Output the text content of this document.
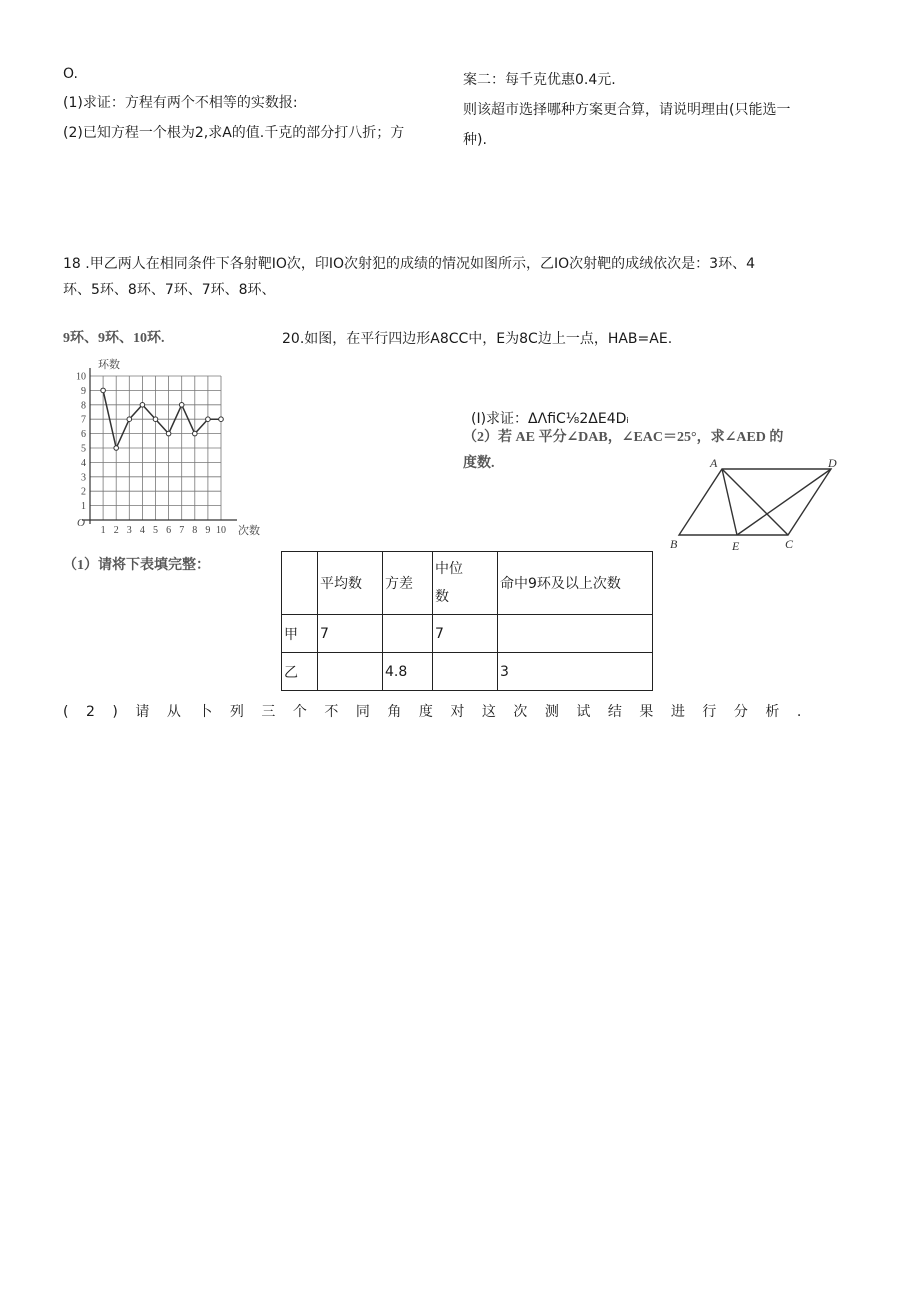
O.
(1)求证：方程有两个不相等的实数报:
(2)已知方程一个根为2,求A的值.千克的部分打八折；方
案二：每千克优惠0.4元.
则该超市选择哪种方案更合算，请说明理由(只能选一
种).
18 .甲乙两人在相同条件下各射靶IO次，印IO次射犯的成绩的情况如图所示，乙IO次射靶的成绒依次是：3环、4
环、5环、8环、7环、7环、8环、
9环、9环、10环.	20.如图，在平行四边形A8CC中，E为8C边上一点，HAB=AE.
(I)求证：ΔΛfiC⅛2ΔE4Dᵢ
（2）若 AE 平分∠DAB，∠EAC＝25°，求∠AED 的
度数.
1 2 3 4 5 6 7 8 9 10
1
2
3
4
5
6
7
8
9
10
环数
次数
O
A	D
B	E	C
（1）请将下表填完整：
	平均数	方差	中位
数	命中9环及以上次数
甲	7		7	
乙		4.8		3
(2)请从卜列三个不同角度对这次测试结果进行分析.
